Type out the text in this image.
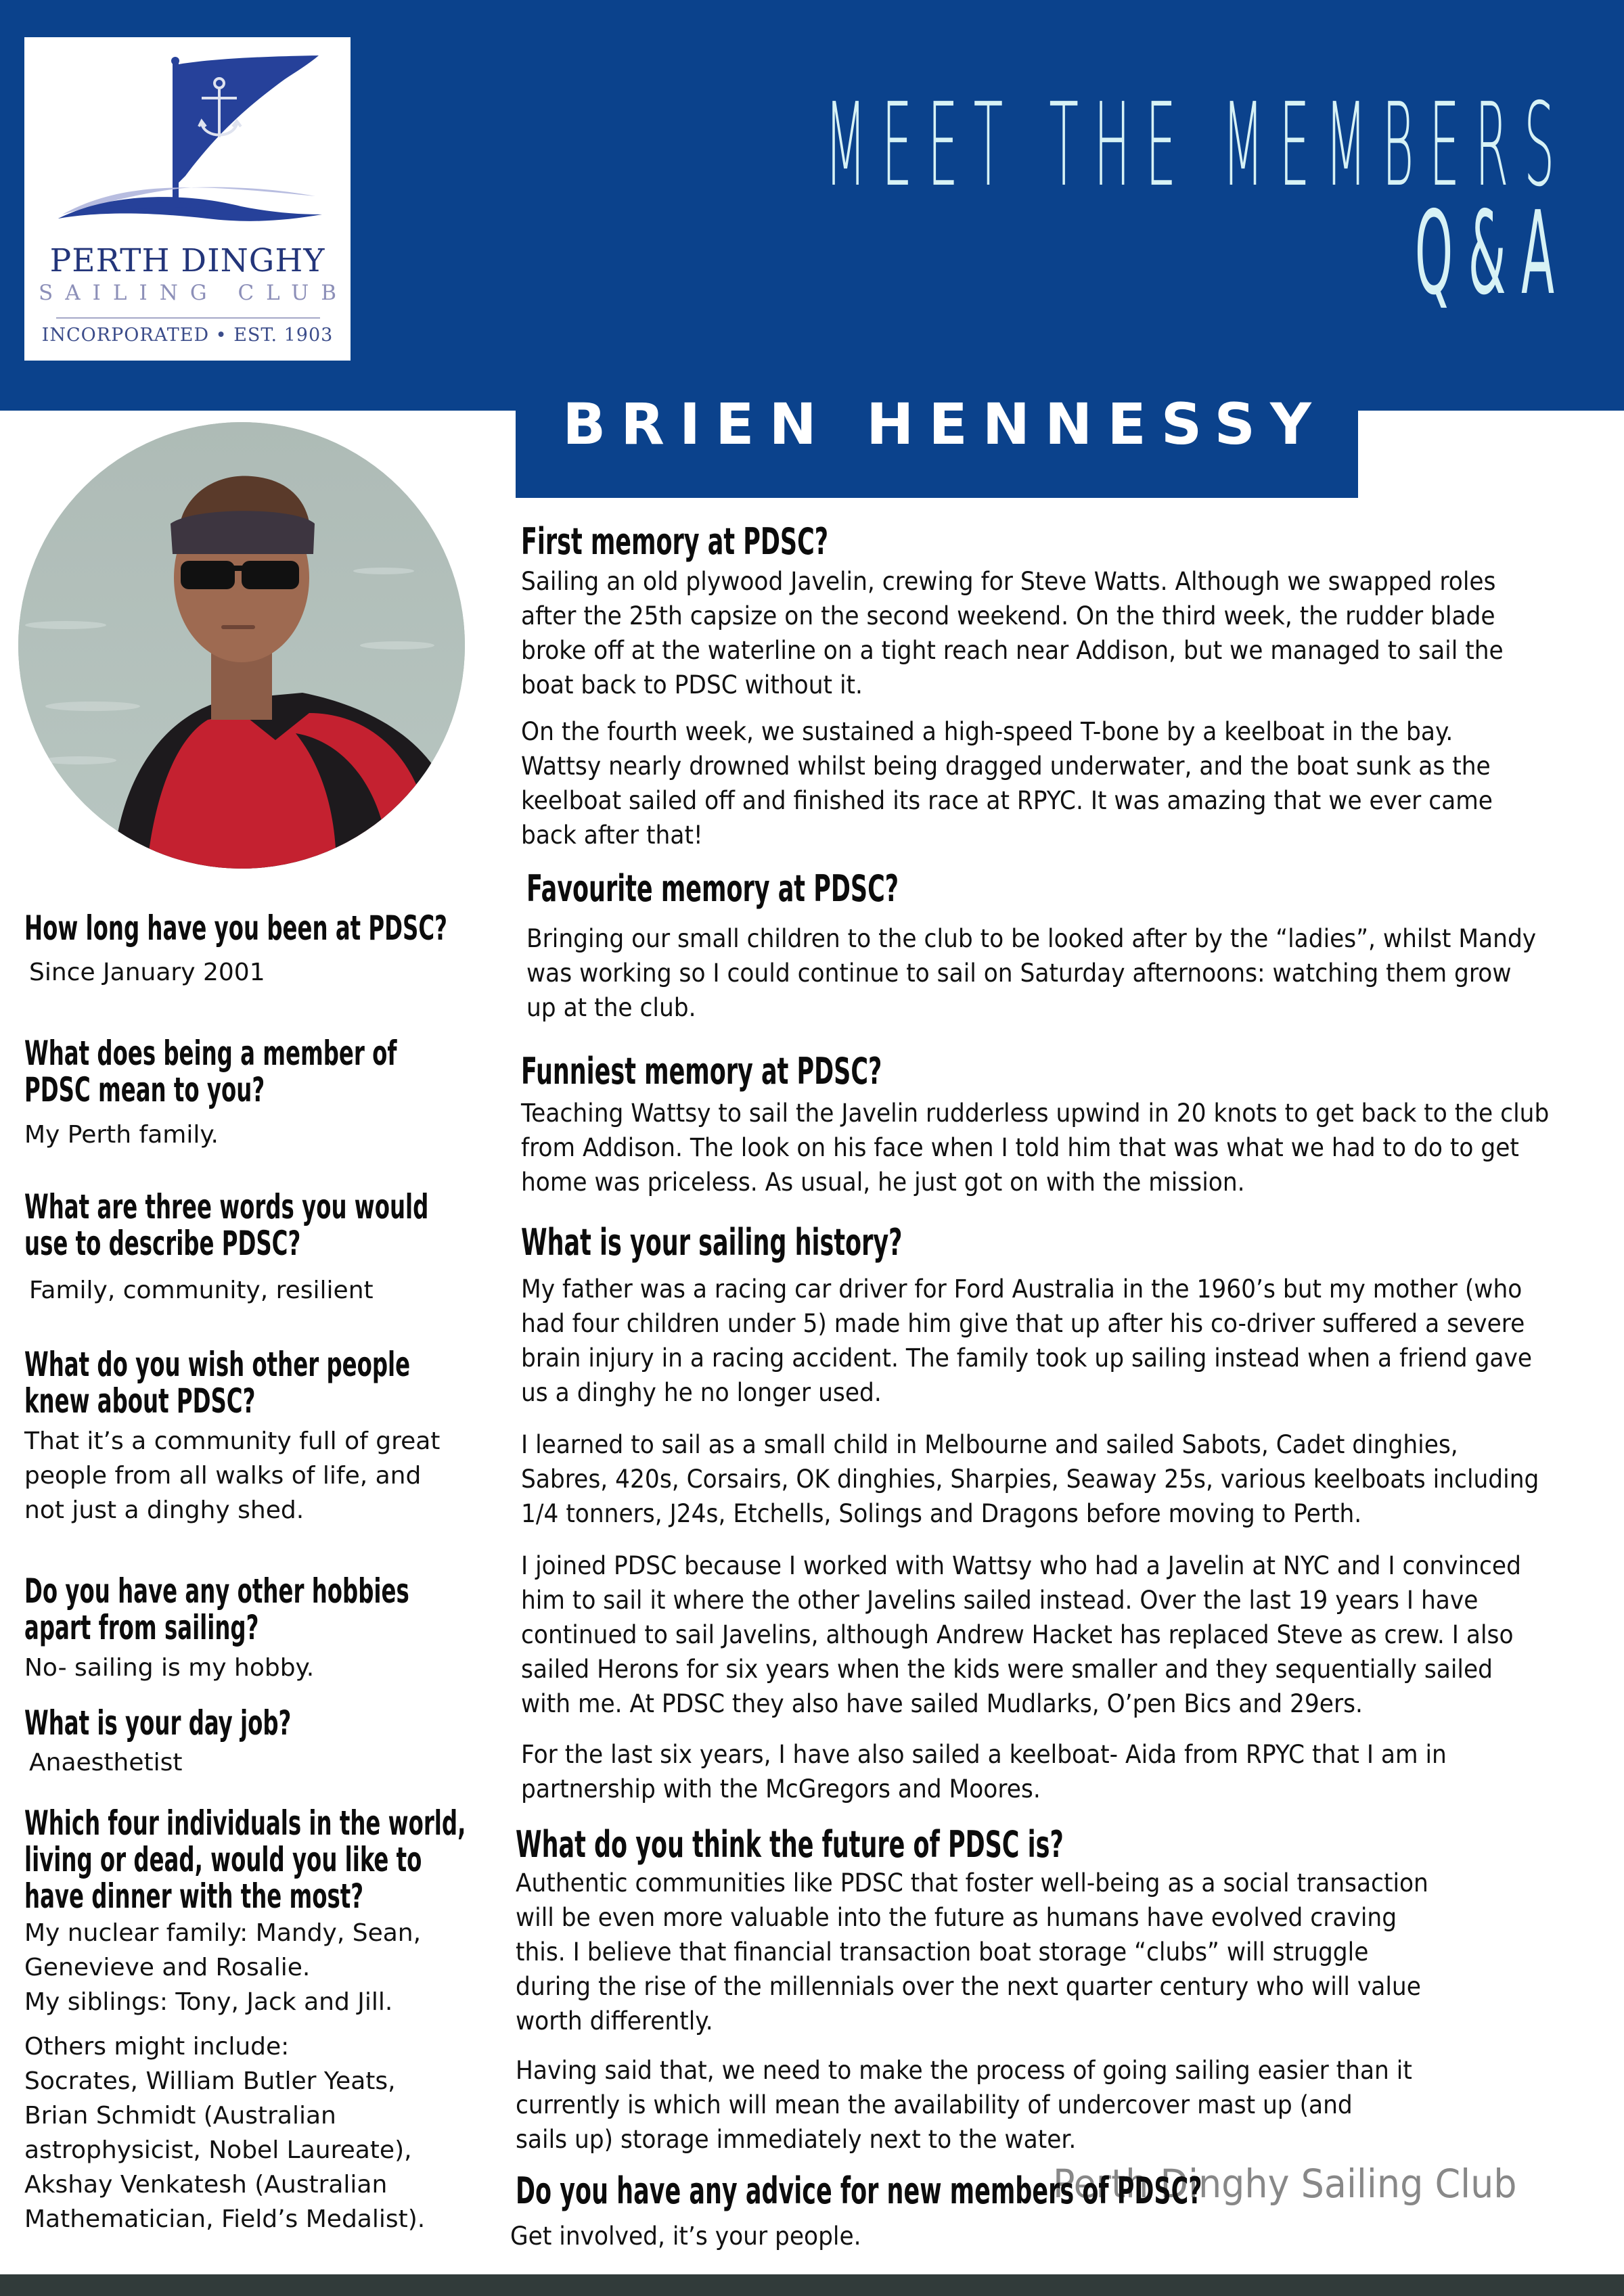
PERTH DINGHY
SAILING CLUB
INCORPORATED • EST. 1903
MEET THE MEMBERS
Q&A
BRIEN HENNESSY
How long have you been at PDSC?
Since January 2001
What does being a member of
PDSC mean to you?
My Perth family.
What are three words you would
use to describe PDSC?
Family, community, resilient
What do you wish other people
knew about PDSC?
That it’s a community full of great
people from all walks of life, and
not just a dinghy shed.
Do you have any other hobbies
apart from sailing?
No- sailing is my hobby.
What is your day job?
Anaesthetist
Which four individuals in the world,
living or dead, would you like to
have dinner with the most?
My nuclear family: Mandy, Sean,
Genevieve and Rosalie.
My siblings: Tony, Jack and Jill.
Others might include:
Socrates, William Butler Yeats,
Brian Schmidt (Australian
astrophysicist, Nobel Laureate),
Akshay Venkatesh (Australian
Mathematician, Field’s Medalist).
First memory at PDSC?
Sailing an old plywood Javelin, crewing for Steve Watts. Although we swapped roles
after the 25th capsize on the second weekend. On the third week, the rudder blade
broke off at the waterline on a tight reach near Addison, but we managed to sail the
boat back to PDSC without it.
On the fourth week, we sustained a high-speed T-bone by a keelboat in the bay.
Wattsy nearly drowned whilst being dragged underwater, and the boat sunk as the
keelboat sailed off and finished its race at RPYC. It was amazing that we ever came
back after that!
Favourite memory at PDSC?
Bringing our small children to the club to be looked after by the “ladies”, whilst Mandy
was working so I could continue to sail on Saturday afternoons: watching them grow
up at the club.
Funniest memory at PDSC?
Teaching Wattsy to sail the Javelin rudderless upwind in 20 knots to get back to the club
from Addison. The look on his face when I told him that was what we had to do to get
home was priceless. As usual, he just got on with the mission.
What is your sailing history?
My father was a racing car driver for Ford Australia in the 1960’s but my mother (who
had four children under 5) made him give that up after his co-driver suffered a severe
brain injury in a racing accident. The family took up sailing instead when a friend gave
us a dinghy he no longer used.
I learned to sail as a small child in Melbourne and sailed Sabots, Cadet dinghies,
Sabres, 420s, Corsairs, OK dinghies, Sharpies, Seaway 25s, various keelboats including
1/4 tonners, J24s, Etchells, Solings and Dragons before moving to Perth.
I joined PDSC because I worked with Wattsy who had a Javelin at NYC and I convinced
him to sail it where the other Javelins sailed instead. Over the last 19 years I have
continued to sail Javelins, although Andrew Hacket has replaced Steve as crew. I also
sailed Herons for six years when the kids were smaller and they sequentially sailed
with me. At PDSC they also have sailed Mudlarks, O’pen Bics and 29ers.
For the last six years, I have also sailed a keelboat- Aida from RPYC that I am in
partnership with the McGregors and Moores.
What do you think the future of PDSC is?
Authentic communities like PDSC that foster well-being as a social transaction
will be even more valuable into the future as humans have evolved craving
this. I believe that financial transaction boat storage “clubs” will struggle
during the rise of the millennials over the next quarter century who will value
worth differently.
Having said that, we need to make the process of going sailing easier than it
currently is which will mean the availability of undercover mast up (and
sails up) storage immediately next to the water.
Perth Dinghy Sailing Club
Do you have any advice for new members of PDSC?
Get involved, it’s your people.
